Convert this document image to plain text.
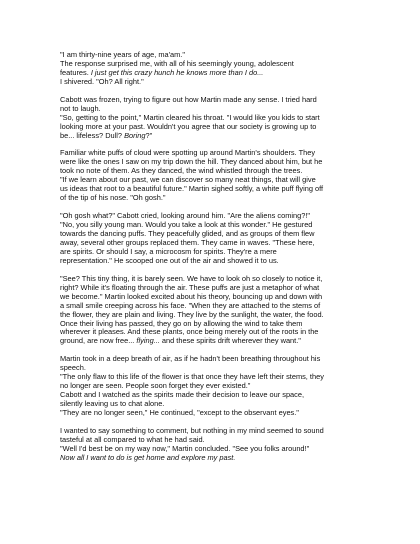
"I am thirty-nine years of age, ma'am."
The response surprised me, with all of his seemingly young, adolescent
features. I just get this crazy hunch he knows more than I do...
I shivered. "Oh? All right."
Cabott was frozen, trying to figure out how Martin made any sense. I tried hard
not to laugh.
"So, getting to the point," Martin cleared his throat. "I would like you kids to start
looking more at your past. Wouldn't you agree that our society is growing up to
be... lifeless? Dull? Boring?"
Familiar white puffs of cloud were spotting up around Martin's shoulders. They
were like the ones I saw on my trip down the hill. They danced about him, but he
took no note of them. As they danced, the wind whistled through the trees.
"If we learn about our past, we can discover so many neat things, that will give
us ideas that root to a beautiful future." Martin sighed softly, a white puff flying off
of the tip of his nose. "Oh gosh."
"Oh gosh what?" Cabott cried, looking around him. "Are the aliens coming?!"
"No, you silly young man. Would you take a look at this wonder." He gestured
towards the dancing puffs. They peacefully glided, and as groups of them flew
away, several other groups replaced them. They came in waves. "These here,
are spirits. Or should I say, a microcosm for spirits. They're a mere
representation." He scooped one out of the air and showed it to us.
"See? This tiny thing, it is barely seen. We have to look oh so closely to notice it,
right? While it's floating through the air. These puffs are just a metaphor of what
we become." Martin looked excited about his theory, bouncing up and down with
a small smile creeping across his face. "When they are attached to the stems of
the flower, they are plain and living. They live by the sunlight, the water, the food.
Once their living has passed, they go on by allowing the wind to take them
wherever it pleases. And these plants, once being merely out of the roots in the
ground, are now free... flying... and these spirits drift wherever they want."
Martin took in a deep breath of air, as if he hadn't been breathing throughout his
speech.
"The only flaw to this life of the flower is that once they have left their stems, they
no longer are seen. People soon forget they ever existed."
Cabott and I watched as the spirits made their decision to leave our space,
silently leaving us to chat alone.
"They are no longer seen," He continued, "except to the observant eyes."
I wanted to say something to comment, but nothing in my mind seemed to sound
tasteful at all compared to what he had said.
"Well I'd best be on my way now," Martin concluded. "See you folks around!"
Now all I want to do is get home and explore my past.
